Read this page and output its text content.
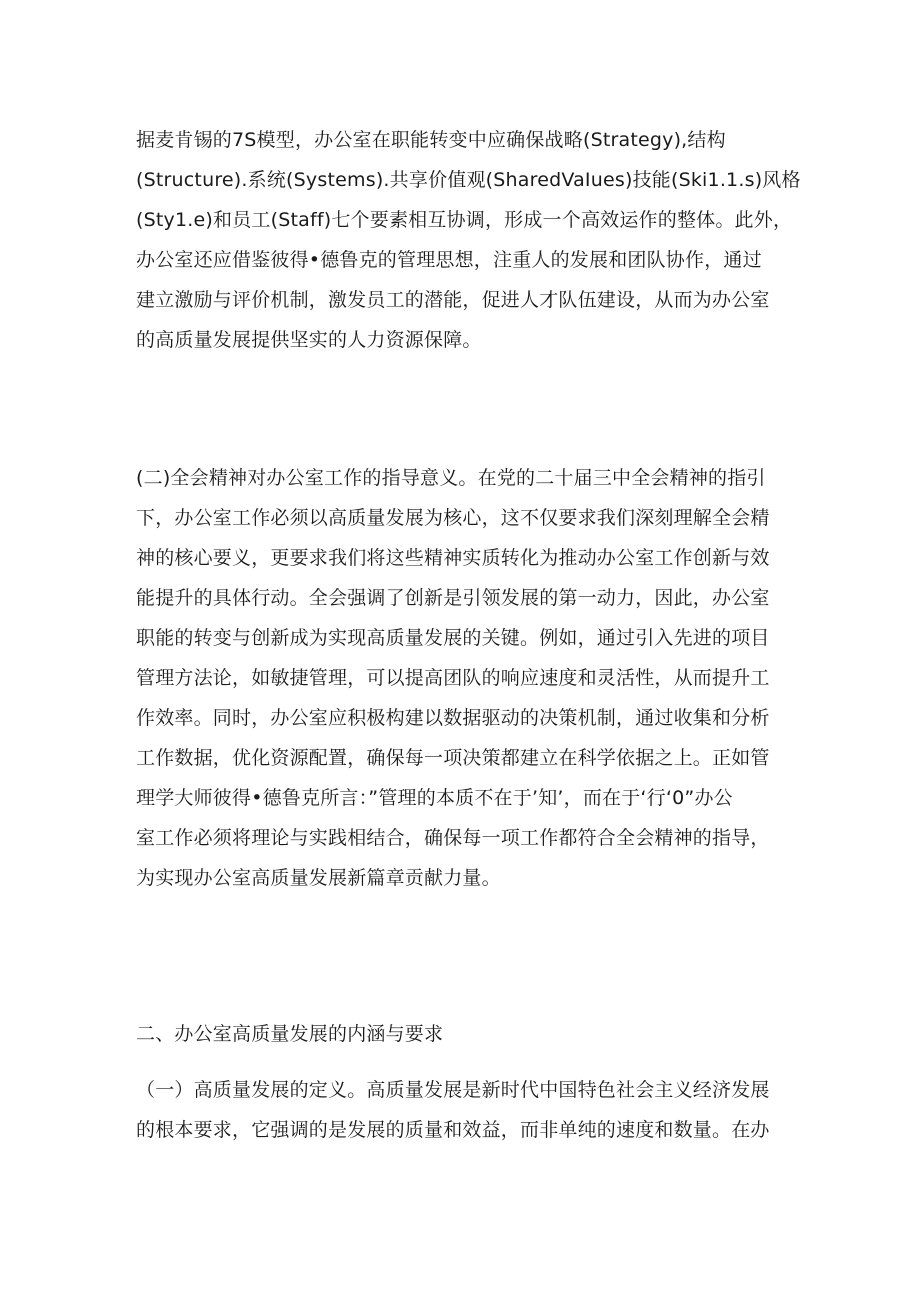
据麦肯锡的7S模型，办公室在职能转变中应确保战略(Strategy),结构
(Structure).系统(Systems).共享价值观(SharedVaIues)技能(Ski1.1.s)风格
(Sty1.e)和员工(Staff)七个要素相互协调，形成一个高效运作的整体。此外，
办公室还应借鉴彼得•德鲁克的管理思想，注重人的发展和团队协作，通过
建立激励与评价机制，激发员工的潜能，促进人才队伍建设，从而为办公室
的高质量发展提供坚实的人力资源保障。
(二)全会精神对办公室工作的指导意义。在党的二十届三中全会精神的指引
下，办公室工作必须以高质量发展为核心，这不仅要求我们深刻理解全会精
神的核心要义，更要求我们将这些精神实质转化为推动办公室工作创新与效
能提升的具体行动。全会强调了创新是引领发展的第一动力，因此，办公室
职能的转变与创新成为实现高质量发展的关键。例如，通过引入先进的项目
管理方法论，如敏捷管理，可以提高团队的响应速度和灵活性，从而提升工
作效率。同时，办公室应积极构建以数据驱动的决策机制，通过收集和分析
工作数据，优化资源配置，确保每一项决策都建立在科学依据之上。正如管
理学大师彼得•德鲁克所言：”管理的本质不在于’知’，而在于‘行‘0”办公
室工作必须将理论与实践相结合，确保每一项工作都符合全会精神的指导，
为实现办公室高质量发展新篇章贡献力量。
二、办公室高质量发展的内涵与要求
（一）高质量发展的定义。高质量发展是新时代中国特色社会主义经济发展
的根本要求，它强调的是发展的质量和效益，而非单纯的速度和数量。在办
